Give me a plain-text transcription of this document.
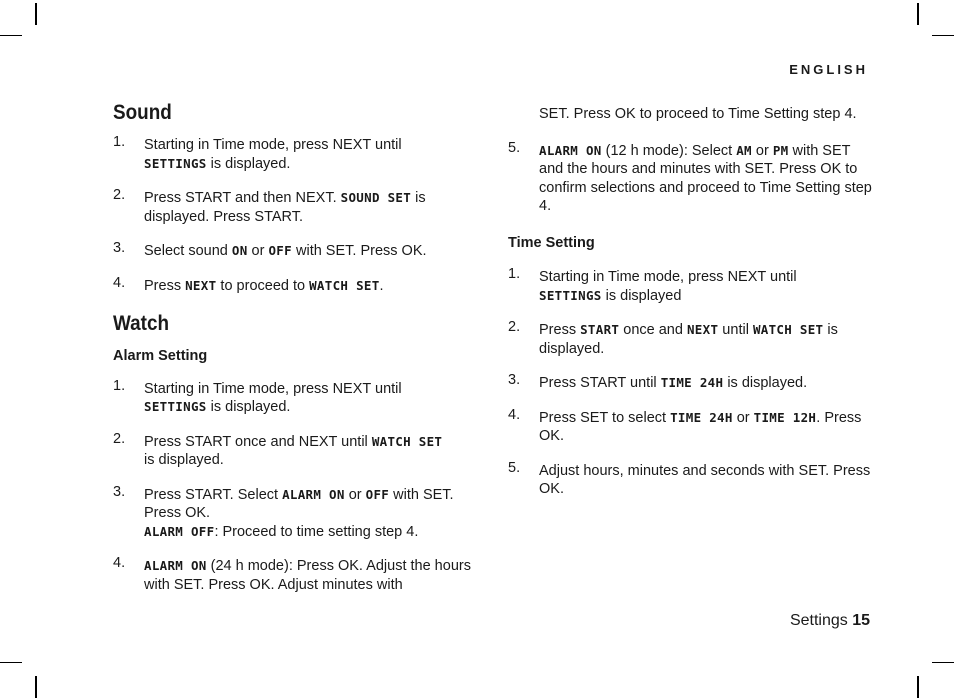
ENGLISH
Sound
1. Starting in Time mode, press NEXT until
SETTINGS is displayed.
2. Press START and then NEXT. SOUND SET is displayed. Press START.
3. Select sound ON or OFF with SET. Press OK.
4. Press NEXT to proceed to WATCH SET.
Watch
Alarm Setting
1. Starting in Time mode, press NEXT until
SETTINGS is displayed.
2. Press START once and NEXT until WATCH SET
is displayed.
3. Press START. Select ALARM ON or OFF with SET. Press OK.
ALARM OFF: Proceed to time setting step 4.
4. ALARM ON (24 h mode): Press OK. Adjust the hours with SET. Press OK. Adjust minutes with
SET. Press OK to proceed to Time Setting step 4.
5. ALARM ON (12 h mode): Select AM or PM with SET and the hours and minutes with SET. Press OK to confirm selections and proceed to Time Setting step 4.
Time Setting
1. Starting in Time mode, press NEXT until
SETTINGS is displayed
2. Press START once and NEXT until WATCH SET is displayed.
3. Press START until TIME 24H is displayed.
4. Press SET to select TIME 24H or TIME 12H. Press OK.
5. Adjust hours, minutes and seconds with SET. Press OK.
Settings 15
